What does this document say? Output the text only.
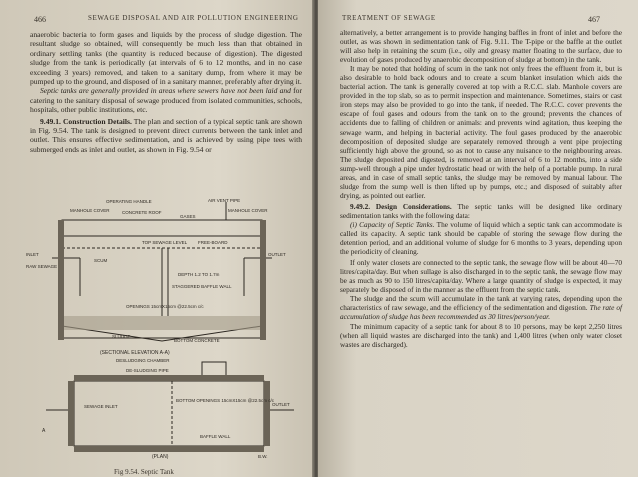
466	SEWAGE DISPOSAL AND AIR POLLUTION ENGINEERING

anaerobic bacteria to form gases and liquids by the process of sludge digestion. The resultant sludge so obtained, will consequently be much less than that obtained in ordinary settling tanks (the quantity is reduced because of digestion). The digested sludge from the tank is periodically (at intervals of 6 to 12 months, and in no case exceeding 3 years) removed, and taken to a sanitary dump, from where it may be pumped up to the ground, and disposed of in a sanitary manner, preferably after drying it.

Septic tanks are generally provided in areas where sewers have not been laid and for catering to the sanitary disposal of sewage produced from isolated communities, schools, hospitals, other public institutions, etc.

9.49.1. Construction Details. The plan and section of a typical septic tank are shown in Fig. 9.54. The tank is designed to prevent direct currents between the tank inlet and outlet. This ensures effective sedimentation, and is achieved by using pipe tees with submerged ends as inlet and outlet, as shown in Fig. 9.54 or

AIR VENT PIPE
OPERATING HANDLE
MANHOLE COVER	CONCRETE ROOF
GASES
MANHOLE COVER
TOP SEWAGE LEVEL FREE-BOARD
OUTLET
INLET
RAW SEWAGE
DEPTH 1.2 TO 1.7m
STAGGERED BAFFLE WALL
OPENINGS 15cmX15cm @22.5cm c/c
SCUM
SLUDGE
BOTTOM CONCRETE
(SECTIONAL ELEVATION A-A)
DESLUDGING CHAMBER
DE-SLUDGING PIPE
SEWAGE INLET
BOTTOM OPENINGS 15cmX15cm @22.5cm c/c
OUTLET
BAFFLE WALL
(PLAN)
A
B.W.
Fig 9.54. Septic Tank
TREATMENT OF SEWAGE	467

alternatively, a better arrangement is to provide hanging baffles in front of inlet and before the outlet, as was shown in sedimentation tank of Fig. 9.11. The T-pipe or the baffle at the outlet will also help in retaining the scum (i.e., oily and greasy matter floating to the surface, due to evolution of gases produced by anaerobic decomposition of sludge at bottom) in the tank.

It may be noted that holding of scum in the tank not only frees the effluent from it, but is also desirable to hold back odours and to create a scum blanket insulation which aids the bacterial action. The tank is generally covered at top with a R.C.C. slab. Manhole covers are provided in the top slab, so as to permit inspection and maintenance. Sometimes, stairs or cast iron steps may also be provided to go into the tank, if needed. The R.C.C. cover prevents the escape of foul gases and odours from the tank on to the ground; prevents the chances of accidents due to falling of children or animals: and prevents wind agitation, thus keeping the sewage warm, and helping in bacterial activity. The foul gases produced by the anaerobic decomposition of deposited sludge are separately removed through a vent pipe projecting sufficiently high above the ground, so as not to cause any nuisance to the neighbouring areas. The sludge deposited and digested, is removed at an interval of 6 to 12 months, into a side sump-well through a pipe under hydrostatic head or with the help of a portable pump. In rural areas, and in case of small septic tanks, the sludge may be removed by manual labour. The sludge from the sump well is then lifted up by pumps, etc.; and disposed of suitably after drying, as pointed out earlier.

9.49.2. Design Considerations. The septic tanks will be designed like ordinary sedimentation tanks with the following data:

(i) Capacity of Septic Tanks. The volume of liquid which a septic tank can accommodate is called its capacity. A septic tank should be capable of storing the sewage flow during the detention period, and an additional volume of sludge for 6 months to 3 years, depending upon the periodicity of cleaning.

If only water closets are connected to the septic tank, the sewage flow will be about 40—70 litres/capita/day. But when sullage is also discharged in to the septic tank, the sewage flow may be as much as 90 to 150 litres/capita/day. Where a large quantity of sludge is expected, it may separately be disposed of in the manner as the effluent from the septic tank.

The sludge and the scum will accumulate in the tank at varying rates, depending upon the characteristics of raw sewage, and the efficiency of the sedimentation and digestion. The rate of accumulation of sludge has been recommended as 30 litres/person/year.

The minimum capacity of a septic tank for about 8 to 10 persons, may be kept 2,250 litres (when all liquid wastes are discharged into the tank) and 1,400 litres (when only water closet wastes are discharged).
